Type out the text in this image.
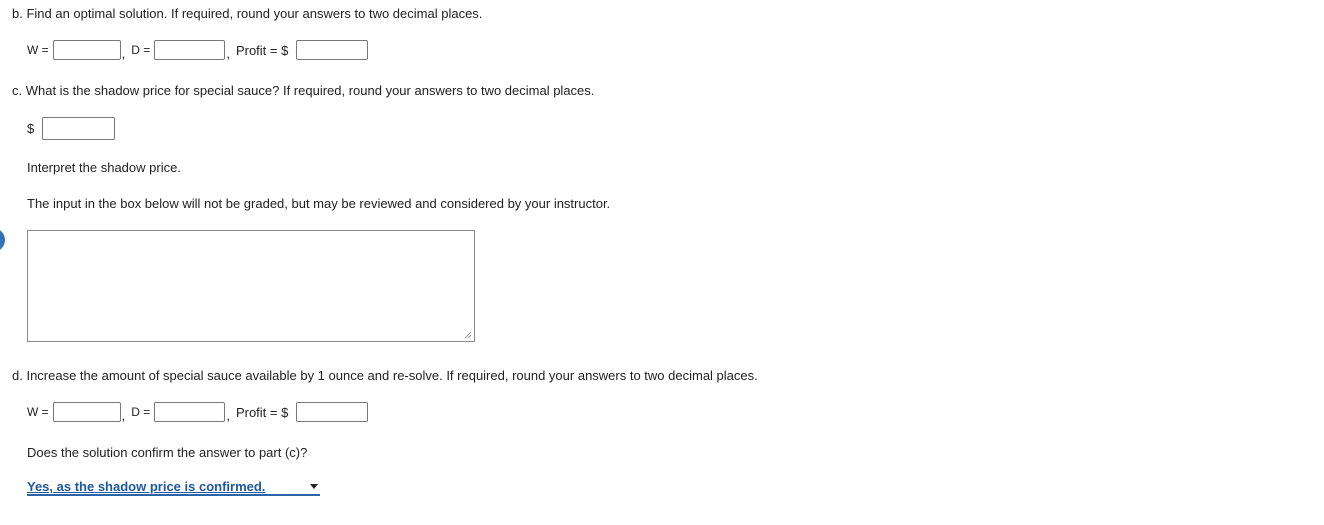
b. Find an optimal solution. If required, round your answers to two decimal places.
W =	, D =	, Profit = $
c. What is the shadow price for special sauce? If required, round your answers to two decimal places.
$
Interpret the shadow price.
The input in the box below will not be graded, but may be reviewed and considered by your instructor.
d. Increase the amount of special sauce available by 1 ounce and re-solve. If required, round your answers to two decimal places.
W =	, D =	, Profit = $
Does the solution confirm the answer to part (c)?
Yes, as the shadow price is confirmed.
